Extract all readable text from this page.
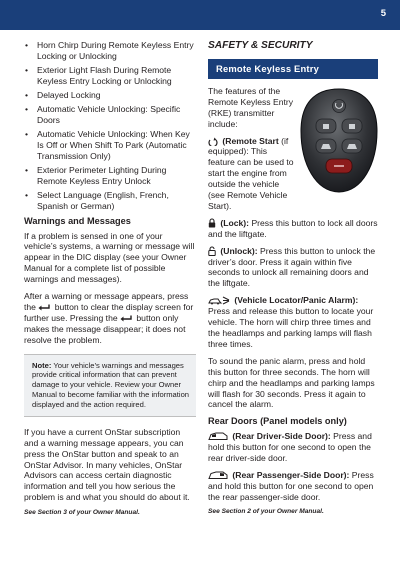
5
• Horn Chirp During Remote Keyless Entry Locking or Unlocking
• Exterior Light Flash During Remote Keyless Entry Locking or Unlocking
• Delayed Locking
• Automatic Vehicle Unlocking: Specific Doors
• Automatic Vehicle Unlocking: When Key Is Off or When Shift To Park (Automatic Transmission Only)
• Exterior Perimeter Lighting During Remote Keyless Entry Unlock
• Select Language (English, French, Spanish or German)
Warnings and Messages

If a problem is sensed in one of your vehicle’s systems, a warning or message will appear in the DIC display (see your Owner Manual for a complete list of possible warnings and messages).

After a warning or message appears, press the button to clear the display screen for further use. Pressing the button only makes the message disappear; it does not resolve the problem.

Note: Your vehicle’s warnings and messages provide critical information that can prevent damage to your vehicle. Review your Owner Manual to become familiar with the information displayed and the action required.

If you have a current OnStar subscription and a warning message appears, you can press the OnStar button and speak to an OnStar Advisor. In many vehicles, OnStar Advisors can access certain diagnostic information and tell you how serious the problem is and what you should do about it.

See Section 3 of your Owner Manual.
SAFETY & SECURITY
Remote Keyless Entry

The features of the Remote Keyless Entry (RKE) transmitter include:

(Remote Start (if equipped): This feature can be used to start the engine from outside the vehicle (see Remote Vehicle Start).

(Lock): Press this button to lock all doors and the liftgate.

(Unlock): Press this button to unlock the driver’s door. Press it again within five seconds to unlock all remaining doors and the liftgate.

(Vehicle Locator/Panic Alarm): Press and release this button to locate your vehicle. The horn will chirp three times and the headlamps and parking lamps will flash three times.

To sound the panic alarm, press and hold this button for three seconds. The horn will chirp and the headlamps and parking lamps will flash for 30 seconds. Press it again to cancel the alarm.

Rear Doors (Panel models only)

(Rear Driver-Side Door): Press and hold this button for one second to open the rear driver-side door.

(Rear Passenger-Side Door): Press and hold this button for one second to open the rear passenger-side door.

See Section 2 of your Owner Manual.
